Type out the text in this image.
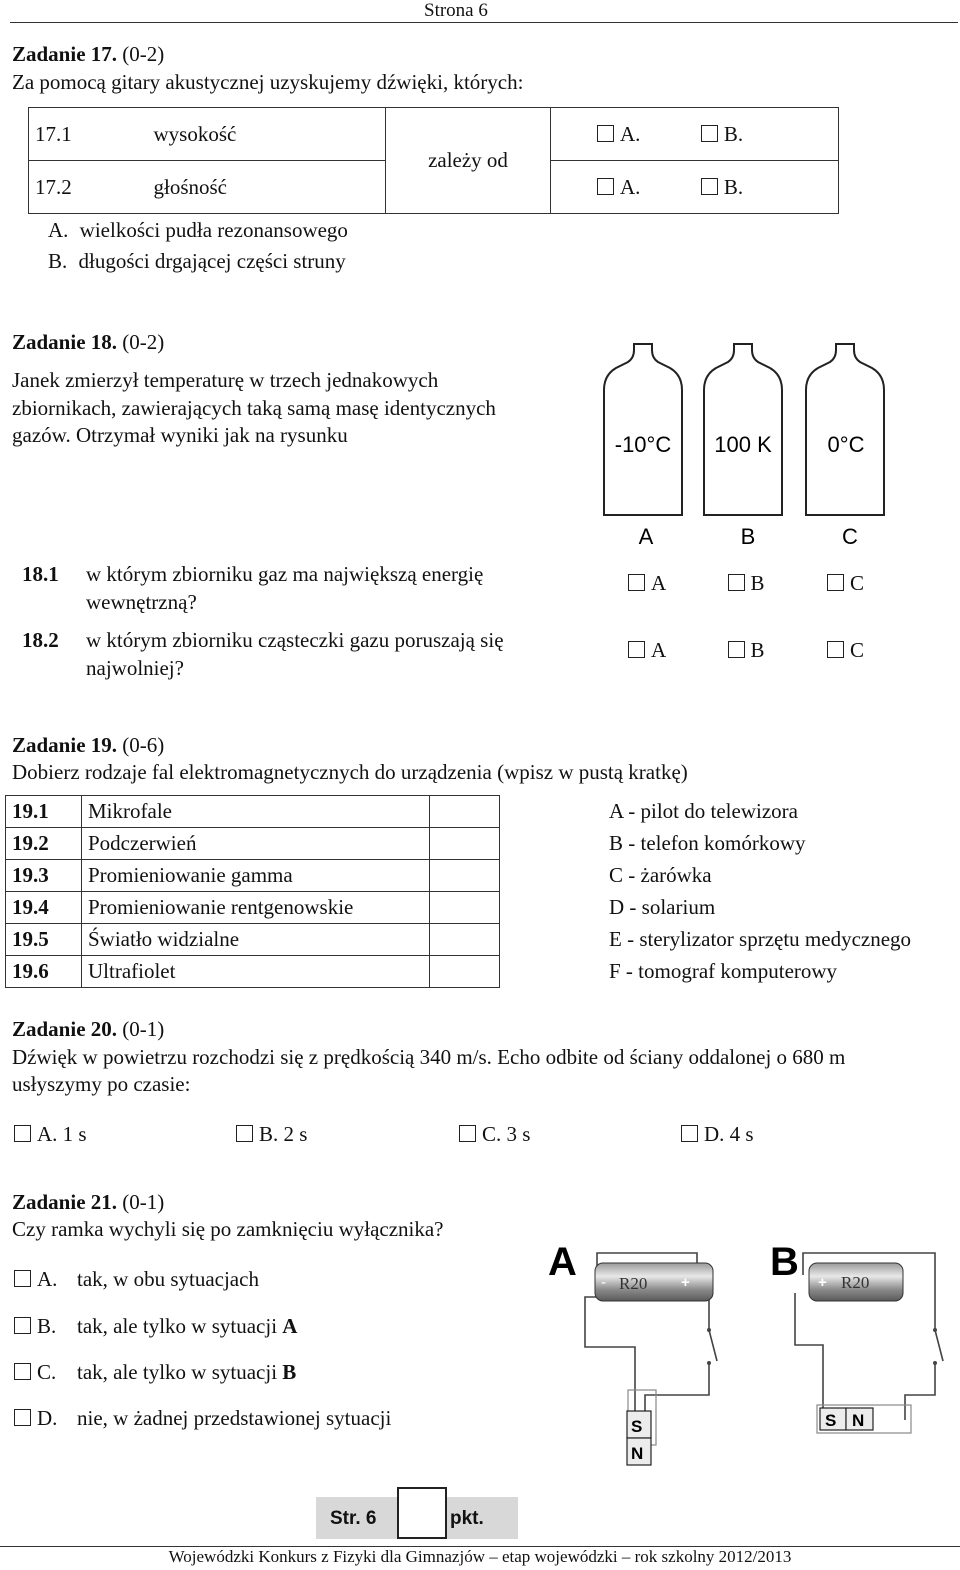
Strona 6
Zadanie 17. (0-2)
Za pomocą gitary akustycznej uzyskujemy dźwięki, których:
17.1	wysokość	zależy od	A. B.
17.2	głośność		A. B.
A. wielkości pudła rezonansowego
B. długości drgającej części struny
Zadanie 18. (0-2)
Janek zmierzył temperaturę w trzech jednakowych
zbiornikach, zawierających taką samą masę identycznych
gazów. Otrzymał wyniki jak na rysunku	-10°C 100 K	0°C
A	B	C
18.1 w którym zbiorniku gaz ma największą energię
wewnętrzną?
A	B	C
18.2 w którym zbiorniku cząsteczki gazu poruszają się
najwolniej?
A	B	C
Zadanie 19. (0-6)
Dobierz rodzaje fal elektromagnetycznych do urządzenia (wpisz w pustą kratkę)
19.1	Mikrofale	
19.2	Podczerwień	
19.3	Promieniowanie gamma	
19.4	Promieniowanie rentgenowskie	
19.5	Światło widzialne	
19.6	Ultrafiolet	
A - pilot do telewizora
B - telefon komórkowy
C - żarówka
D - solarium
E - sterylizator sprzętu medycznego
F - tomograf komputerowy
Zadanie 20. (0-1)
Dźwięk w powietrzu rozchodzi się z prędkością 340 m/s. Echo odbite od ściany oddalonej o 680 m
usłyszymy po czasie:
A. 1 s	B. 2 s	C. 3 s	D. 4 s
Zadanie 21. (0-1)
Czy ramka wychyli się po zamknięciu wyłącznika?
A. tak, w obu sytuacjach
B. tak, ale tylko w sytuacji A
C. tak, ale tylko w sytuacji B
D. nie, w żadnej przedstawionej sytuacji
A - R20 +
S
N
B + R20
S N
Str. 6	pkt.
Wojewódzki Konkurs z Fizyki dla Gimnazjów – etap wojewódzki – rok szkolny 2012/2013
